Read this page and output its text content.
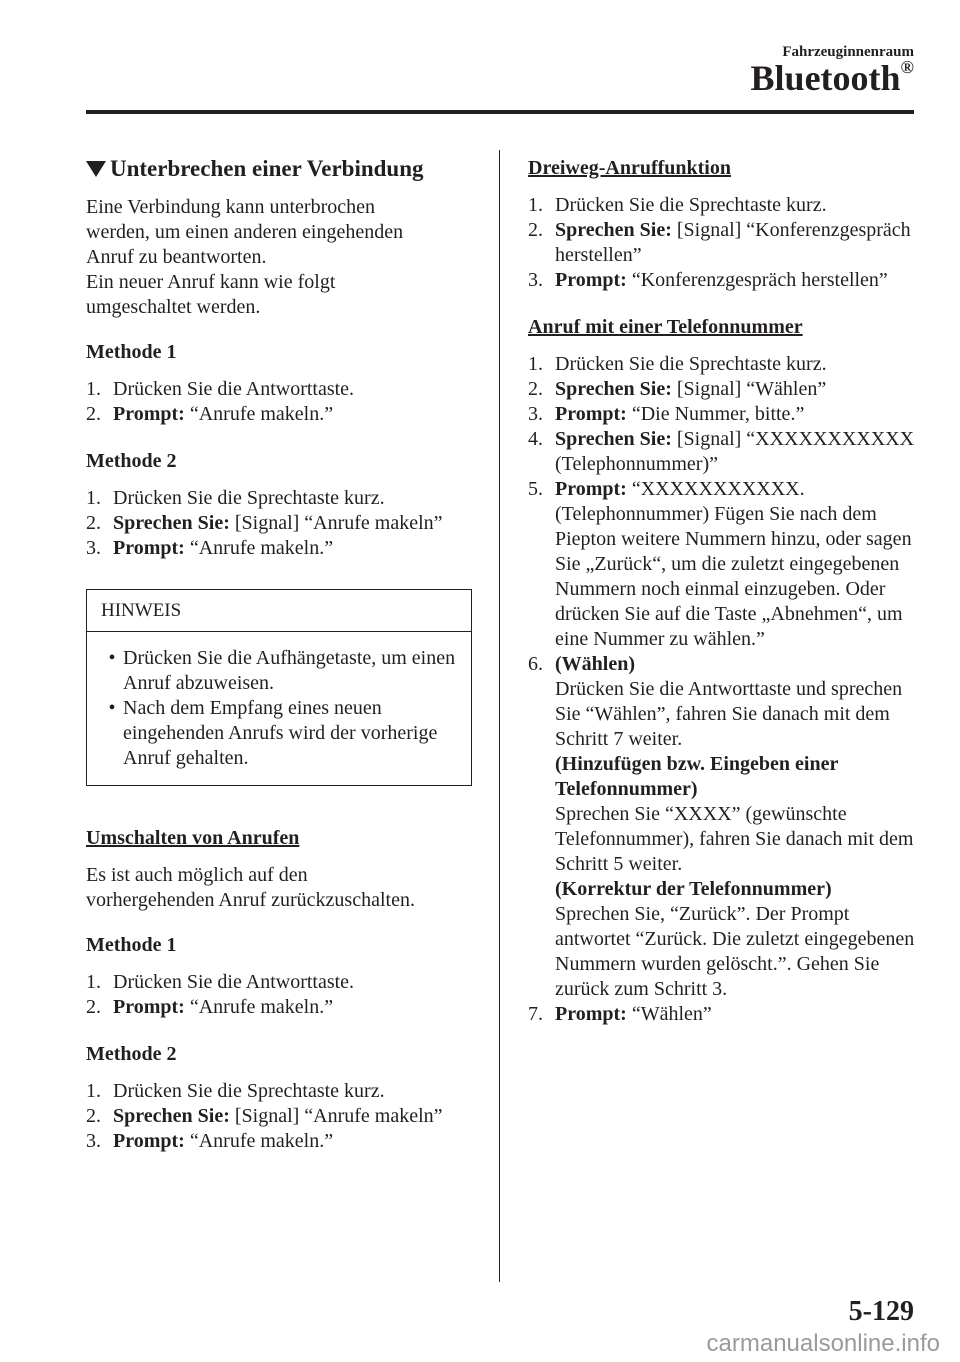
Fahrzeuginnenraum
Bluetooth®
Unterbrechen einer Verbindung
Eine Verbindung kann unterbrochen
werden, um einen anderen eingehenden
Anruf zu beantworten.
Ein neuer Anruf kann wie folgt
umgeschaltet werden.
Methode 1
1. Drücken Sie die Antworttaste.
2. Prompt: “Anrufe makeln.”
Methode 2
1. Drücken Sie die Sprechtaste kurz.
2. Sprechen Sie: [Signal] “Anrufe makeln”
3. Prompt: “Anrufe makeln.”
HINWEIS
• Drücken Sie die Aufhängetaste, um einen Anruf abzuweisen.
• Nach dem Empfang eines neuen eingehenden Anrufs wird der vorherige Anruf gehalten.
Umschalten von Anrufen
Es ist auch möglich auf den
vorhergehenden Anruf zurückzuschalten.
Methode 1
1. Drücken Sie die Antworttaste.
2. Prompt: “Anrufe makeln.”
Methode 2
1. Drücken Sie die Sprechtaste kurz.
2. Sprechen Sie: [Signal] “Anrufe makeln”
3. Prompt: “Anrufe makeln.”
Dreiweg-Anruffunktion
1. Drücken Sie die Sprechtaste kurz.
2. Sprechen Sie: [Signal] “Konferenzgespräch herstellen”
3. Prompt: “Konferenzgespräch herstellen”
Anruf mit einer Telefonnummer
1. Drücken Sie die Sprechtaste kurz.
2. Sprechen Sie: [Signal] “Wählen”
3. Prompt: “Die Nummer, bitte.”
4. Sprechen Sie: [Signal] “XXXXXXXXXXX (Telephonnummer)”
5. Prompt: “XXXXXXXXXXX. (Telephonnummer) Fügen Sie nach dem Piepton weitere Nummern hinzu, oder sagen Sie „Zurück“, um die zuletzt eingegebenen Nummern noch einmal einzugeben. Oder drücken Sie auf die Taste „Abnehmen“, um eine Nummer zu wählen.”
6. (Wählen)
Drücken Sie die Antworttaste und sprechen Sie “Wählen”, fahren Sie danach mit dem Schritt 7 weiter.
(Hinzufügen bzw. Eingeben einer Telefonnummer)
Sprechen Sie “XXXX” (gewünschte Telefonnummer), fahren Sie danach mit dem Schritt 5 weiter.
(Korrektur der Telefonnummer)
Sprechen Sie, “Zurück”. Der Prompt antwortet “Zurück. Die zuletzt eingegebenen Nummern wurden gelöscht.”. Gehen Sie zurück zum Schritt 3.
7. Prompt: “Wählen”
5-129
carmanualsonline.info
